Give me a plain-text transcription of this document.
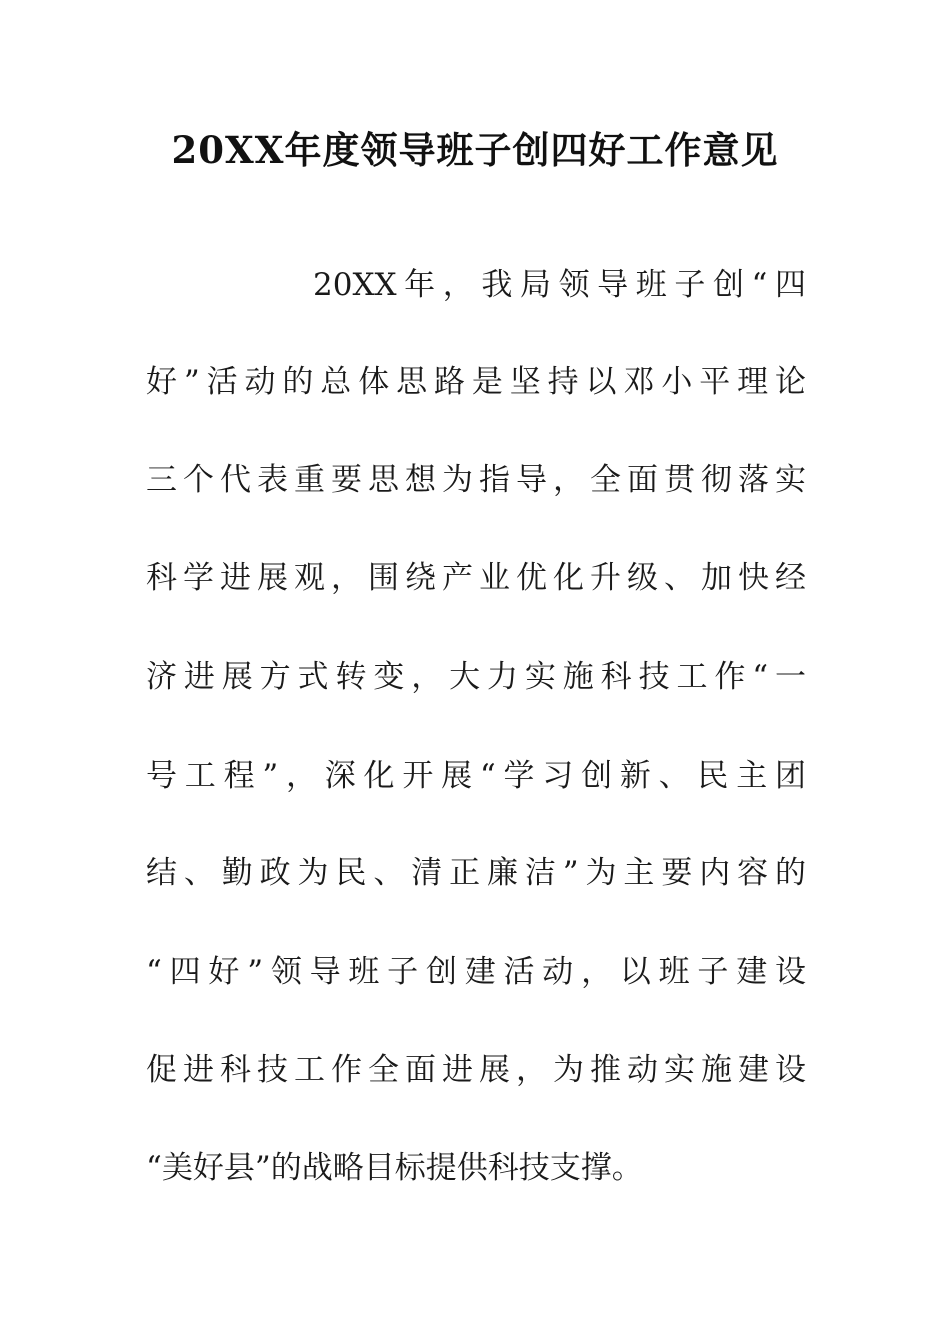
20XX年度领导班子创四好工作意见

20XX年，我局领导班子创“四

好”活动的总体思路是坚持以邓小平理论

三个代表重要思想为指导，全面贯彻落实

科学进展观，围绕产业优化升级、加快经

济进展方式转变，大力实施科技工作“一

号工程”，深化开展“学习创新、民主团

结、勤政为民、清正廉洁”为主要内容的

“四好”领导班子创建活动，以班子建设

促进科技工作全面进展，为推动实施建设

“美好县”的战略目标提供科技支撑。
